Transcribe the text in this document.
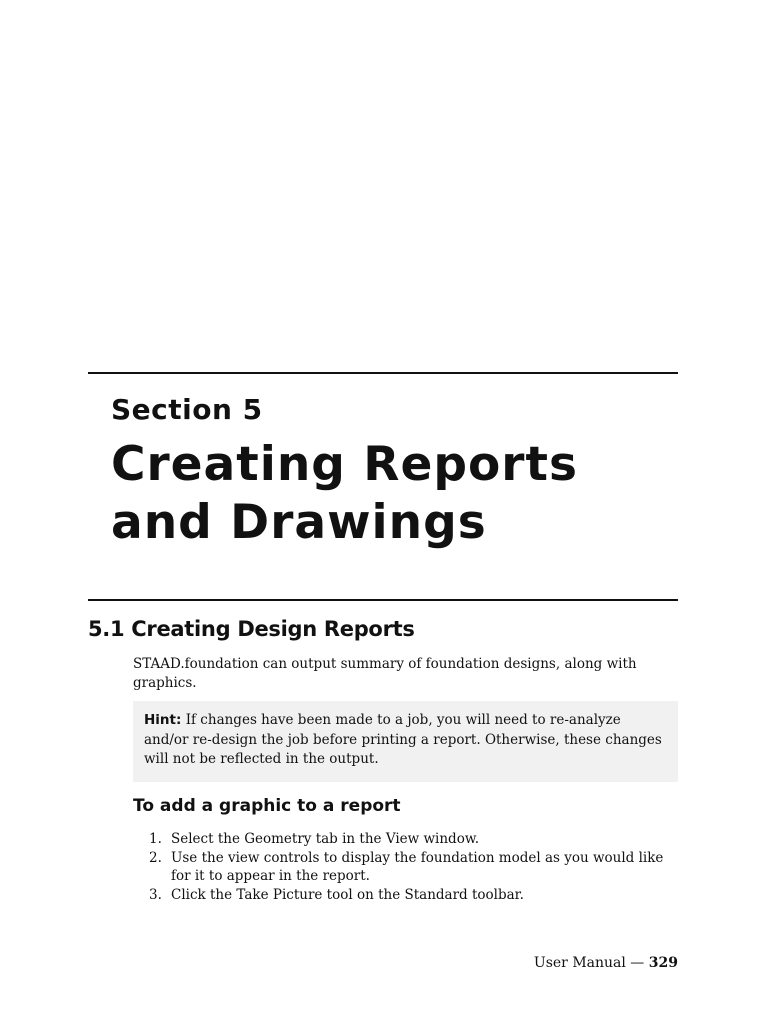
Section 5
Creating Reports and Drawings
5.1 Creating Design Reports

STAAD.foundation can output summary of foundation designs, along with graphics.

Hint: If changes have been made to a job, you will need to re-analyze and/or re-design the job before printing a report. Otherwise, these changes will not be reflected in the output.
To add a graphic to a report
1. Select the Geometry tab in the View window.
2. Use the view controls to display the foundation model as you would like for it to appear in the report.
3. Click the Take Picture tool on the Standard toolbar.
User Manual — 329
